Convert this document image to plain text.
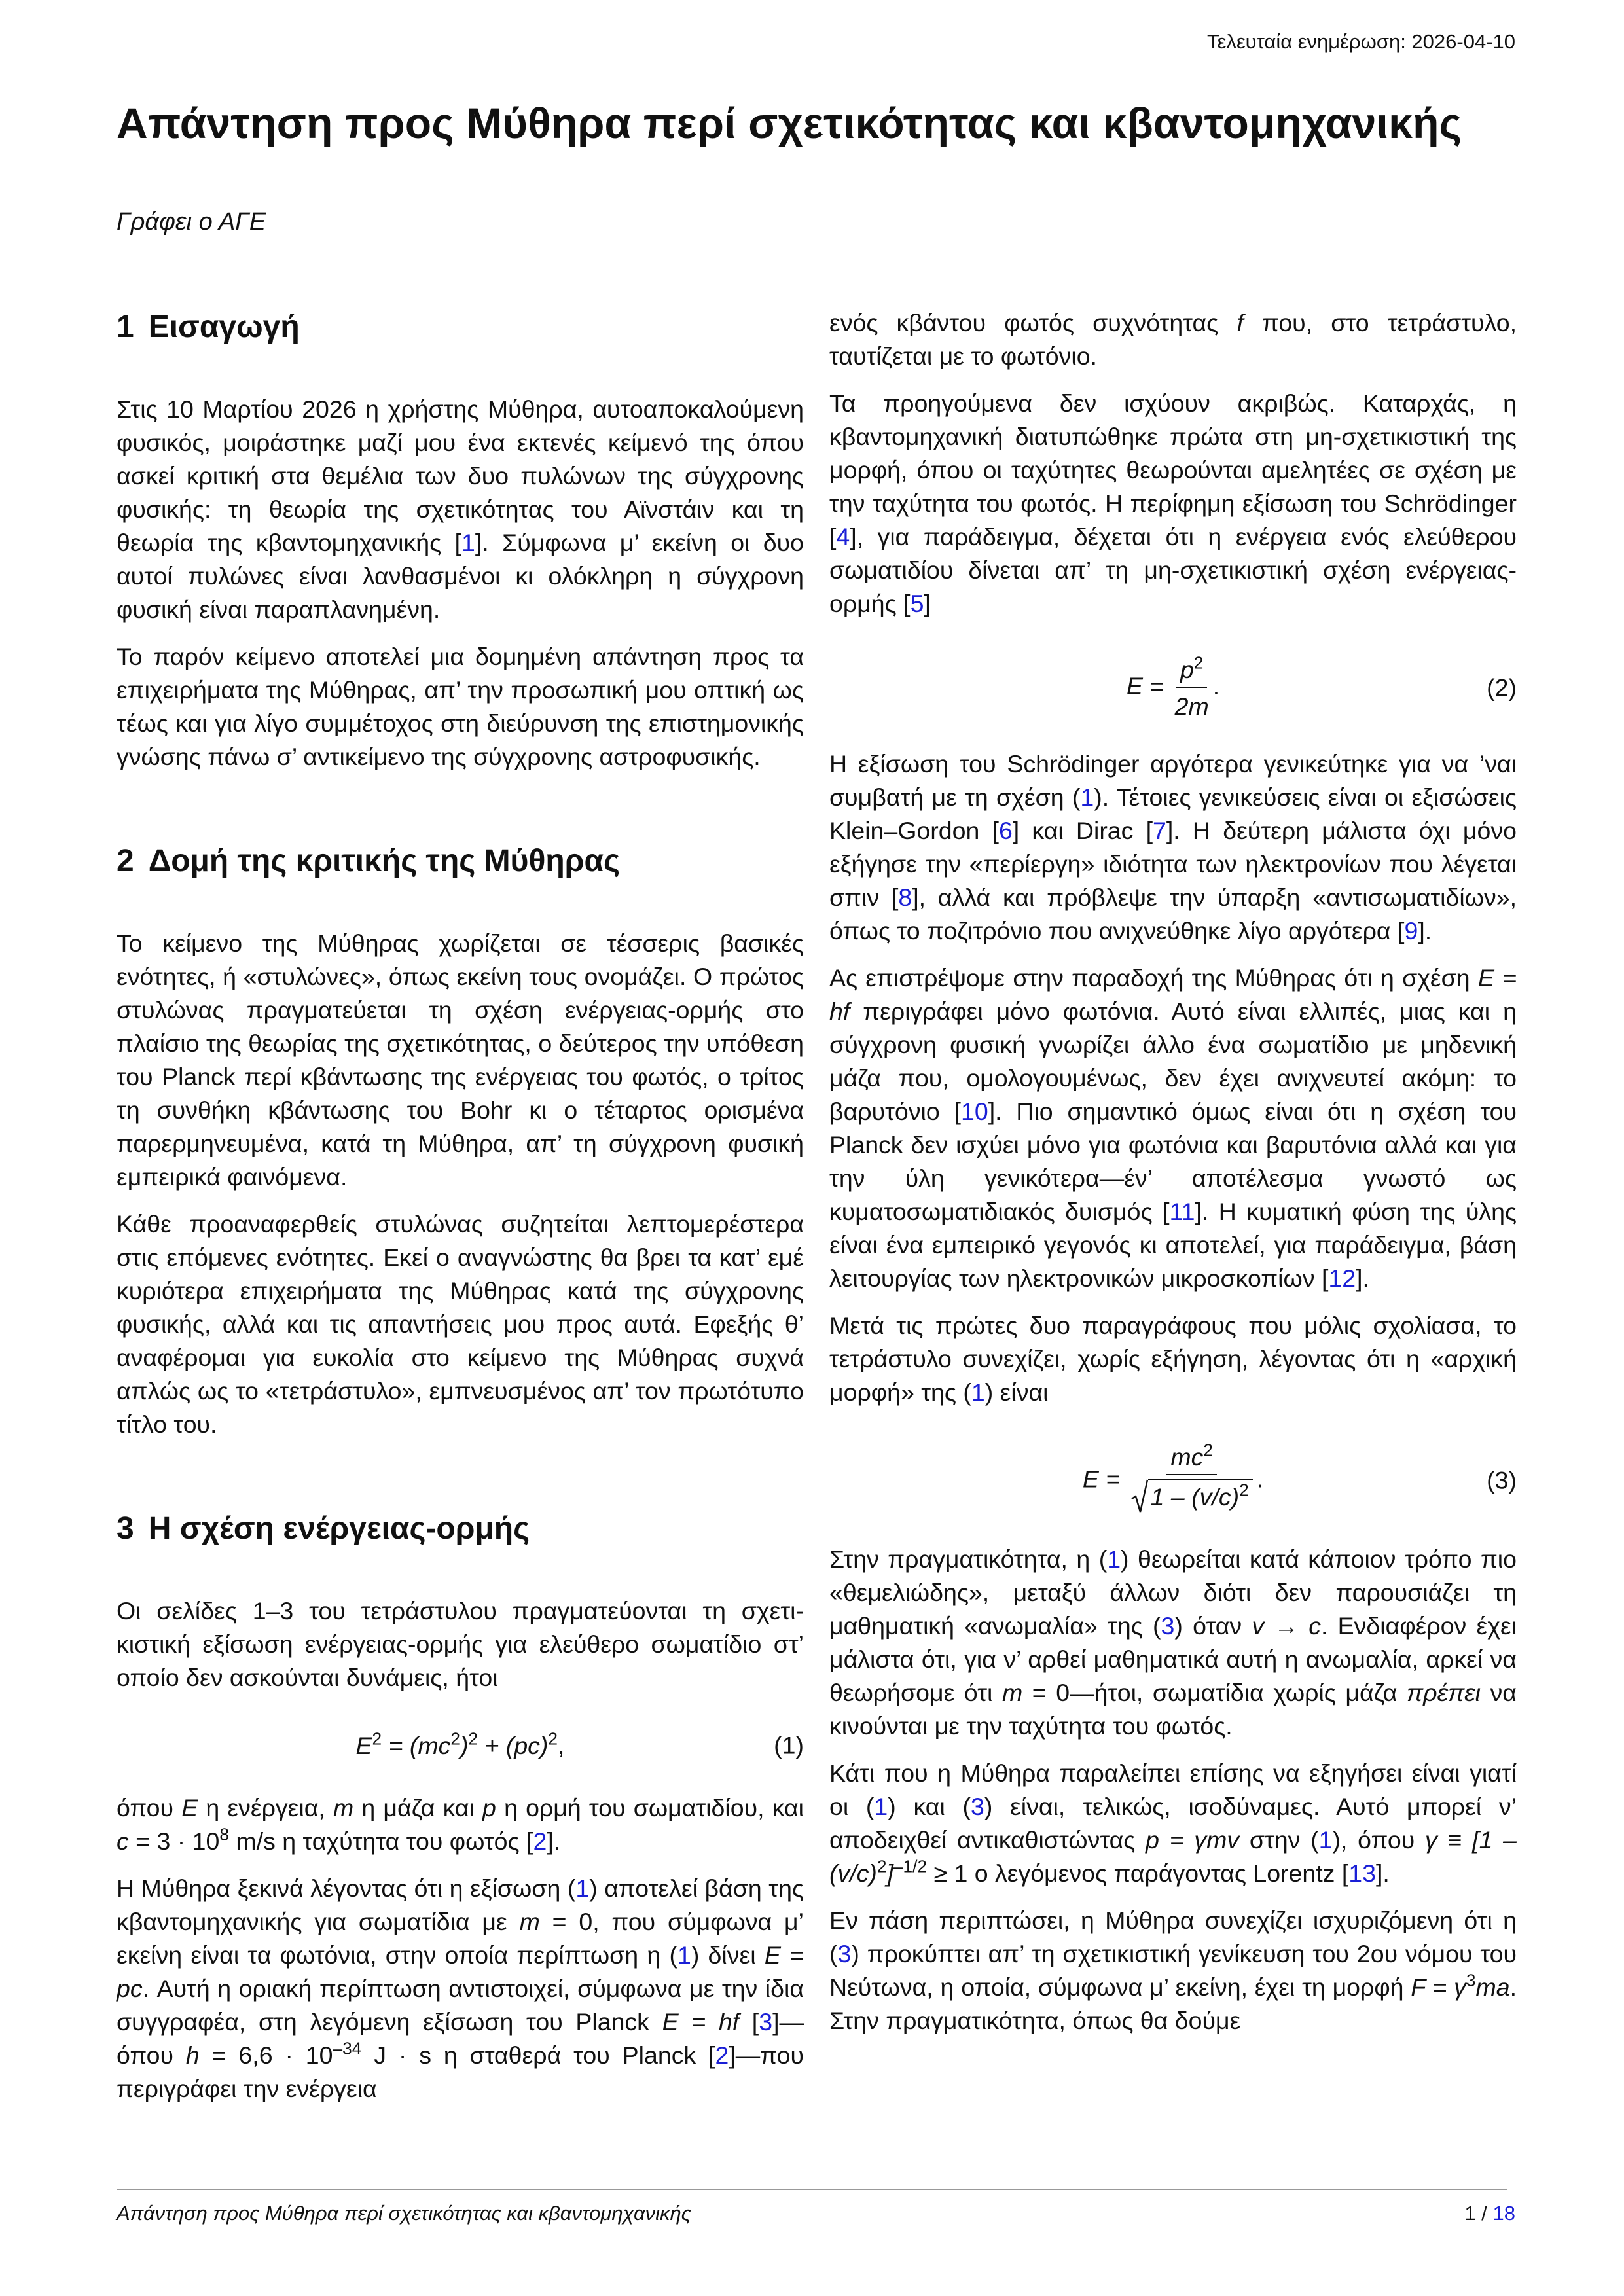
Τελευταία ενημέρωση: 2026-04-10
Απάντηση προς Μύθηρα περί σχετικότητας και κβαντομηχανικής
Γράφει ο ΑΓΕ
1 Εισαγωγή

Στις 10 Μαρτίου 2026 η χρήστης Μύθηρα, αυτοαποκαλούμενη φυσικός, μοιράστηκε μαζί μου ένα εκτενές κείμενό της όπου ασκεί κριτική στα θεμέλια των δυο πυλώνων της σύγχρονης φυσικής: τη θεωρία της σχετικότητας του Αϊνστάιν και τη θεωρία της κβαντομηχανικής [1]. Σύμφωνα μ’ εκείνη οι δυο αυτοί πυλώνες είναι λανθασμένοι κι ολόκληρη η σύγχρονη φυσική είναι παραπλανημένη.

Το παρόν κείμενο αποτελεί μια δομημένη απάντηση προς τα επιχειρήματα της Μύθηρας, απ’ την προσωπική μου οπτική ως τέως και για λίγο συμμέτοχος στη διεύρυνση της επιστημονικής γνώσης πάνω σ’ αντικείμενο της σύγχρονης αστροφυσικής.

2 Δομή της κριτικής της Μύθηρας

Το κείμενο της Μύθηρας χωρίζεται σε τέσσερις βασικές ενότητες, ή «στυλώνες», όπως εκείνη τους ονομάζει. Ο πρώτος στυλώνας πραγματεύεται τη σχέση ενέργειας-ορμής στο πλαίσιο της θεωρίας της σχετικότητας, ο δεύτερος την υπόθεση του Planck περί κβάντωσης της ενέργειας του φωτός, ο τρίτος τη συνθήκη κβάντωσης του Bohr κι ο τέταρτος ορισμένα παρερμηνευμένα, κατά τη Μύθηρα, απ’ τη σύγχρονη φυσική εμπειρικά φαινόμενα.

Κάθε προαναφερθείς στυλώνας συζητείται λεπτομερέστερα στις επόμενες ενότητες. Εκεί ο αναγνώστης θα βρει τα κατ’ εμέ κυριότερα επιχειρήματα της Μύθηρας κατά της σύγχρονης φυσικής, αλλά και τις απαντήσεις μου προς αυτά. Εφεξής θ’ αναφέρομαι για ευκολία στο κείμενο της Μύθηρας συχνά απλώς ως το «τετράστυλο», εμπνευσμένος απ’ τον πρωτότυπο τίτλο του.

3 Η σχέση ενέργειας-ορμής

Οι σελίδες 1–3 του τετράστυλου πραγματεύονται τη σχετικιστική εξίσωση ενέργειας-ορμής για ελεύθερο σωματίδιο στ’ οποίο δεν ασκούνται δυνάμεις, ήτοι

$E^2 = (mc^2)^2 + (pc)^2$,	(1)

όπου E η ενέργεια, m η μάζα και p η ορμή του σωματιδίου, και $c = 3 \cdot 10^8$ m/s η ταχύτητα του φωτός [2].

Η Μύθηρα ξεκινά λέγοντας ότι η εξίσωση (1) αποτελεί βάση της κβαντομηχανικής για σωματίδια με m = 0, που σύμφωνα μ’ εκείνη είναι τα φωτόνια, στην οποία περίπτωση η (1) δίνει E = pc. Αυτή η οριακή περίπτωση αντιστοιχεί, σύμφωνα με την ίδια συγγραφέα, στη λεγόμενη εξίσωση του Planck E = hf [3]—όπου $h = 6,6 \cdot 10^{-34}$ J · s η σταθερά του Planck [2]—που περιγράφει την ενέργεια

ενός κβάντου φωτός συχνότητας f που, στο τετράστυλο, ταυτίζεται με το φωτόνιο.

Τα προηγούμενα δεν ισχύουν ακριβώς. Καταρχάς, η κβαντομηχανική διατυπώθηκε πρώτα στη μη-σχετικιστική της μορφή, όπου οι ταχύτητες θεωρούνται αμελητέες σε σχέση με την ταχύτητα του φωτός. Η περίφημη εξίσωση του Schrödinger [4], για παράδειγμα, δέχεται ότι η ενέργεια ενός ελεύθερου σωματιδίου δίνεται απ’ τη μη-σχετικιστική σχέση ενέργειας-ορμής [5]

$E = \frac{p^2}{2m}$ .	(2)

Η εξίσωση του Schrödinger αργότερα γενικεύτηκε για να ’ναι συμβατή με τη σχέση (1). Τέτοιες γενικεύσεις είναι οι εξισώσεις Klein–Gordon [6] και Dirac [7]. Η δεύτερη μάλιστα όχι μόνο εξήγησε την «περίεργη» ιδιότητα των ηλεκτρονίων που λέγεται σπιν [8], αλλά και πρόβλεψε την ύπαρξη «αντισωματιδίων», όπως το ποζιτρόνιο που ανιχνεύθηκε λίγο αργότερα [9].

Ας επιστρέψομε στην παραδοχή της Μύθηρας ότι η σχέση E = hf περιγράφει μόνο φωτόνια. Αυτό είναι ελλιπές, μιας και η σύγχρονη φυσική γνωρίζει άλλο ένα σωματίδιο με μηδενική μάζα που, ομολογουμένως, δεν έχει ανιχνευτεί ακόμη: το βαρυτόνιο [10]. Πιο σημαντικό όμως είναι ότι η σχέση του Planck δεν ισχύει μόνο για φωτόνια και βαρυτόνια αλλά και για την ύλη γενικότερα—έν’ αποτέλεσμα γνωστό ως κυματοσωματιδιακός δυισμός [11]. Η κυματική φύση της ύλης είναι ένα εμπειρικό γεγονός κι αποτελεί, για παράδειγμα, βάση λειτουργίας των ηλεκτρονικών μικροσκοπίων [12].

Μετά τις πρώτες δυο παραγράφους που μόλις σχολίασα, το τετράστυλο συνεχίζει, χωρίς εξήγηση, λέγοντας ότι η «αρχική μορφή» της (1) είναι

$E = \frac{mc^2}{1 - (v/c)^2}$ .	(3)

Στην πραγματικότητα, η (1) θεωρείται κατά κάποιον τρόπο πιο «θεμελιώδης», μεταξύ άλλων διότι δεν παρουσιάζει τη μαθηματική «ανωμαλία» της (3) όταν v → c. Ενδιαφέρον έχει μάλιστα ότι, για ν’ αρθεί μαθηματικά αυτή η ανωμαλία, αρκεί να θεωρήσομε ότι m = 0—ήτοι, σωματίδια χωρίς μάζα πρέπει να κινούνται με την ταχύτητα του φωτός.

Κάτι που η Μύθηρα παραλείπει επίσης να εξηγήσει είναι γιατί οι (1) και (3) είναι, τελικώς, ισοδύναμες. Αυτό μπορεί ν’ αποδειχθεί αντικαθιστώντας p = γmv στην (1), όπου $\gamma \equiv [1 - (v/c)^2]^{-1/2} \ge 1$ ο λεγόμενος παράγοντας Lorentz [13].

Εν πάση περιπτώσει, η Μύθηρα συνεχίζει ισχυριζόμενη ότι η (3) προκύπτει απ’ τη σχετικιστική γενίκευση του 2ου νόμου του Νεύτωνα, η οποία, σύμφωνα μ’ εκείνη, έχει τη μορφή $F = \gamma^3ma$. Στην πραγματικότητα, όπως θα δούμε

Απάντηση προς Μύθηρα περί σχετικότητας και κβαντομηχανικής	1 / 18
